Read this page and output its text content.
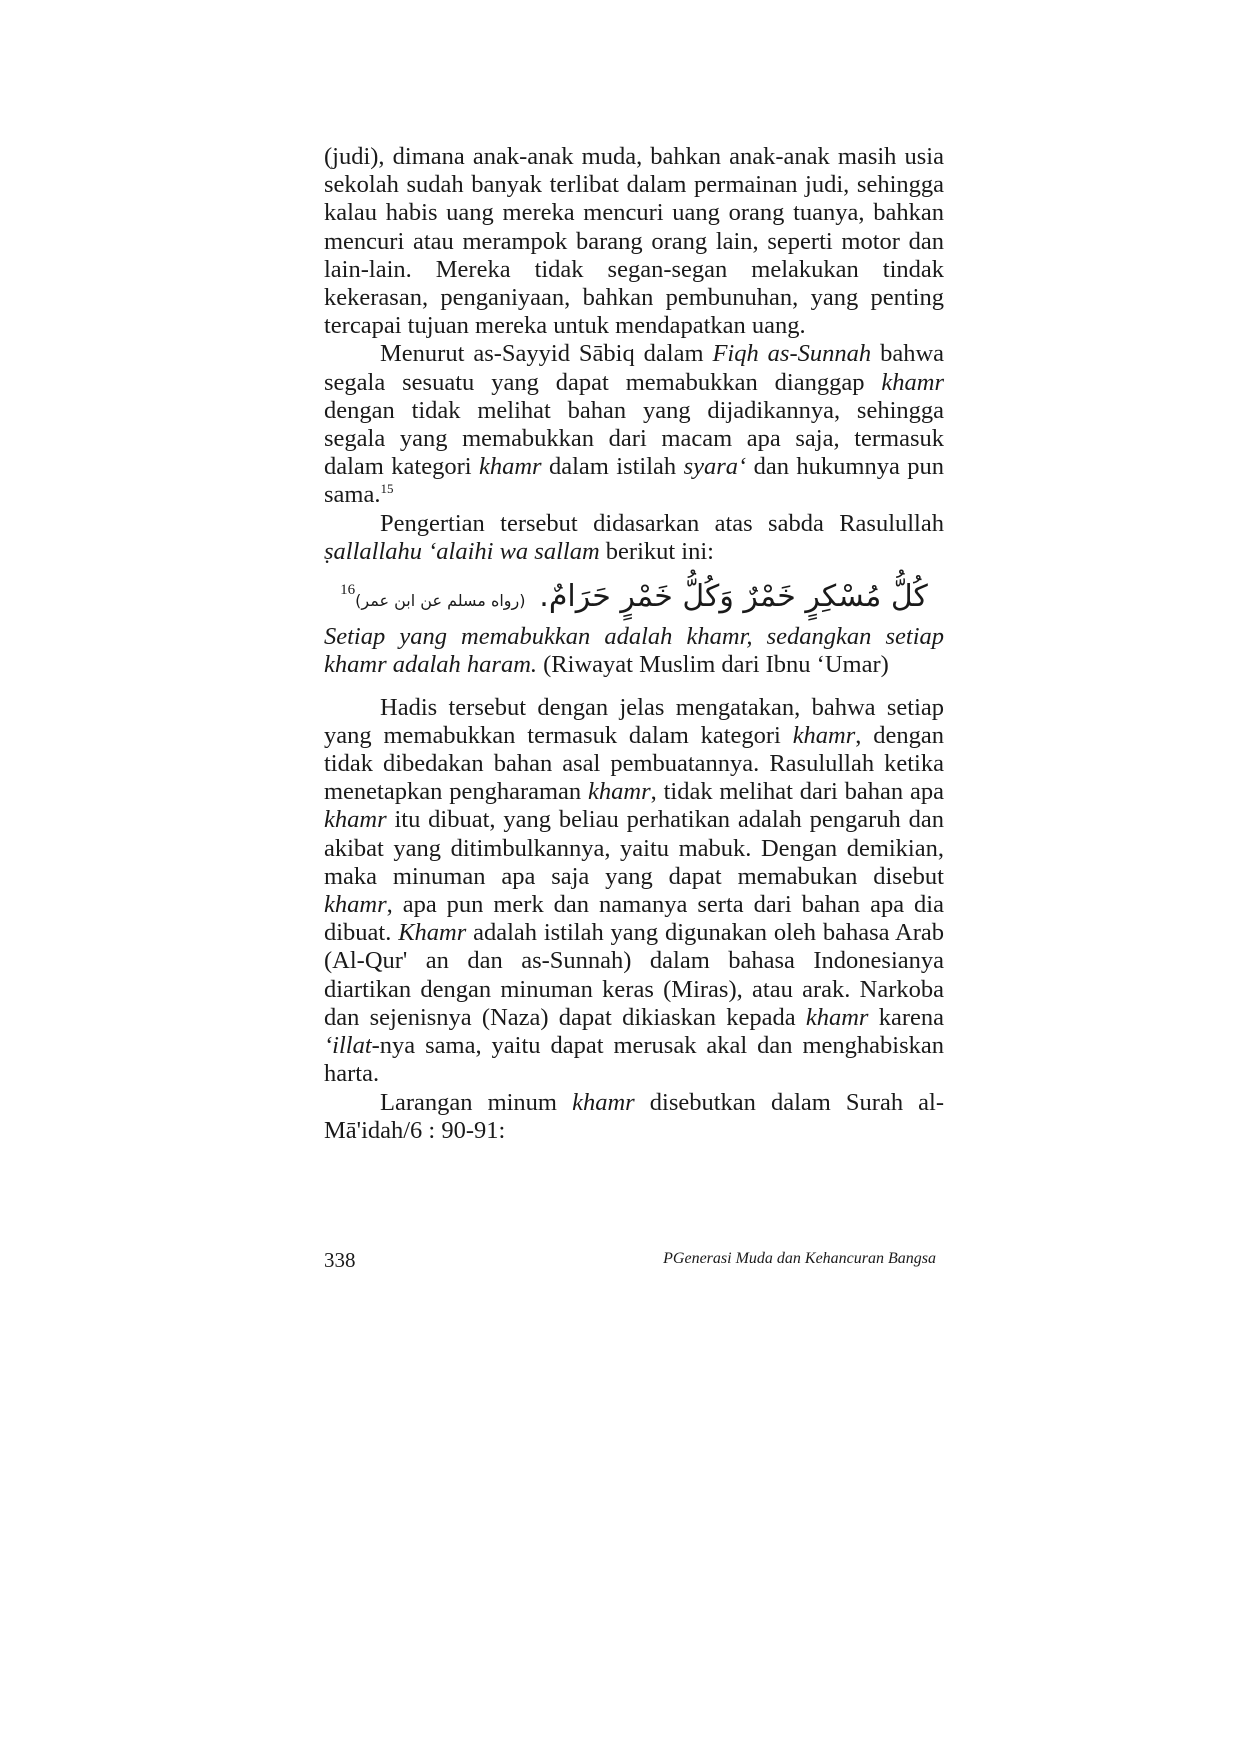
(judi), dimana anak-anak muda, bahkan anak-anak masih usia sekolah sudah banyak terlibat dalam permainan judi, sehingga kalau habis uang mereka mencuri uang orang tuanya, bahkan mencuri atau merampok barang orang lain, seperti motor dan lain-lain. Mereka tidak segan-segan melakukan tindak kekerasan, penganiyaan, bahkan pembunuhan, yang penting tercapai tujuan mereka untuk mendapatkan uang.

Menurut as-Sayyid Sābiq dalam Fiqh as-Sunnah bahwa segala sesuatu yang dapat memabukkan dianggap khamr dengan tidak melihat bahan yang dijadikannya, sehingga segala yang memabukkan dari macam apa saja, termasuk dalam kategori khamr dalam istilah syara‘ dan hukumnya pun sama.$^{15}$

Pengertian tersebut didasarkan atas sabda Rasulullah ṣallallahu ‘alaihi wa sallam berikut ini:

كُلُّ مُسْكِرٍ خَمْرٌ وَكُلُّ خَمْرٍ حَرَامٌ. (رواه مسلم عن ابن عمر)16

Setiap yang memabukkan adalah khamr, sedangkan setiap khamr adalah haram. (Riwayat Muslim dari Ibnu ‘Umar)

Hadis tersebut dengan jelas mengatakan, bahwa setiap yang memabukkan termasuk dalam kategori khamr, dengan tidak dibedakan bahan asal pembuatannya. Rasulullah ketika menetapkan pengharaman khamr, tidak melihat dari bahan apa khamr itu dibuat, yang beliau perhatikan adalah pengaruh dan akibat yang ditimbulkannya, yaitu mabuk. Dengan demikian, maka minuman apa saja yang dapat memabukan disebut khamr, apa pun merk dan namanya serta dari bahan apa dia dibuat. Khamr adalah istilah yang digunakan oleh bahasa Arab (Al-Qur' an dan as-Sunnah) dalam bahasa Indonesianya diartikan dengan minuman keras (Miras), atau arak. Narkoba dan sejenisnya (Naza) dapat dikiaskan kepada khamr karena ‘illat-nya sama, yaitu dapat merusak akal dan menghabiskan harta.

Larangan minum khamr disebutkan dalam Surah al-Mā'idah/6 : 90-91:

338	PGenerasi Muda dan Kehancuran Bangsa
